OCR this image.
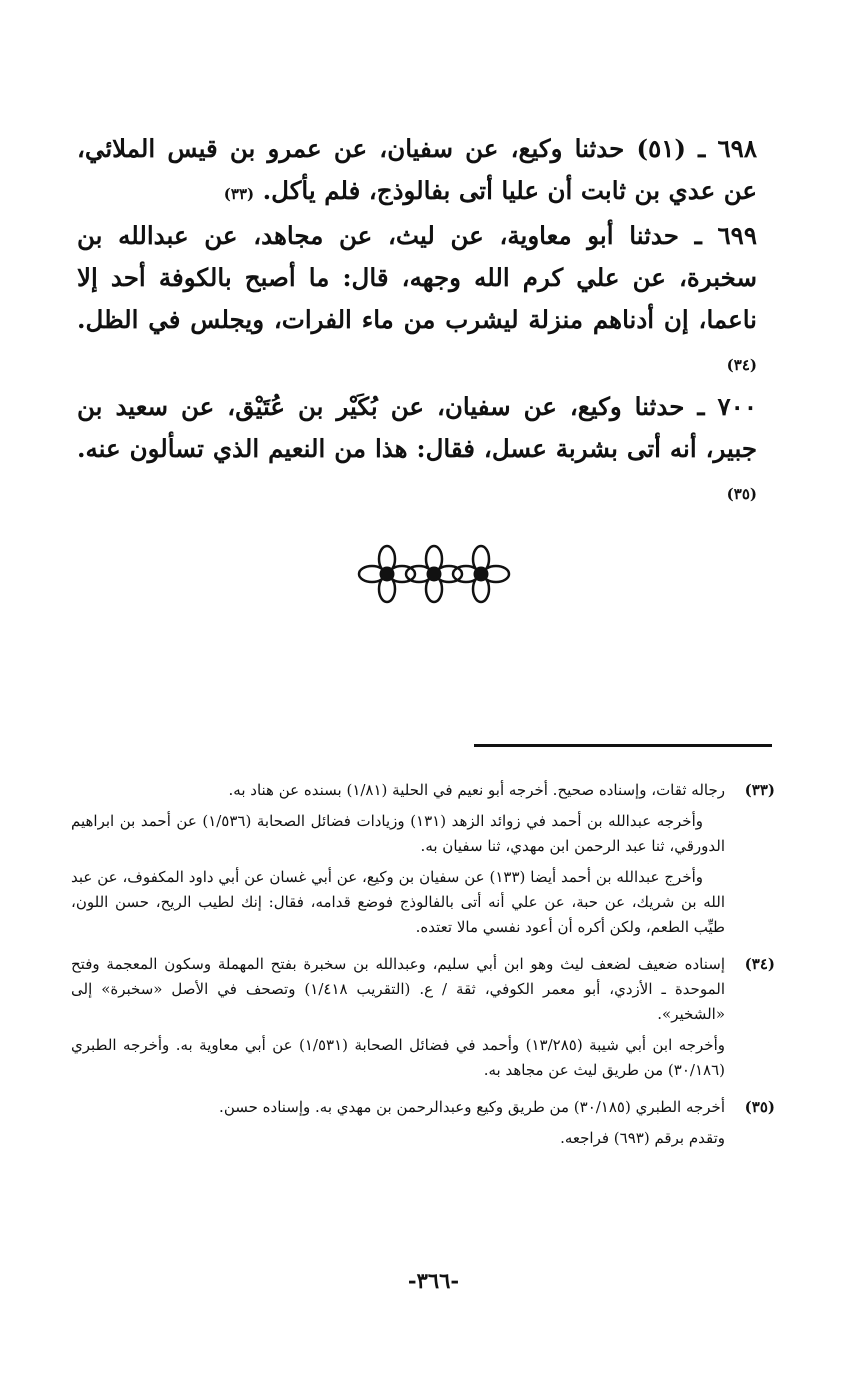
٦٩٨ ـ (٥١) حدثنا وكيع، عن سفيان، عن عمرو بن قيس الملائي، عن عدي بن ثابت أن عليا أتى بفالوذج، فلم يأكل. (٣٣)

٦٩٩ ـ حدثنا أبو معاوية، عن ليث، عن مجاهد، عن عبدالله بن سخبرة، عن علي كرم الله وجهه، قال: ما أصبح بالكوفة أحد إلا ناعما، إن أدناهم منزلة ليشرب من ماء الفرات، ويجلس في الظل. (٣٤)

٧٠٠ ـ حدثنا وكيع، عن سفيان، عن بُكَيْر بن عُتَيْق، عن سعيد بن جبير، أنه أتى بشربة عسل، فقال: هذا من النعيم الذي تسألون عنه. (٣٥)

(٣٣)

رجاله ثقات، وإسناده صحيح. أخرجه أبو نعيم في الحلية (١/٨١) بسنده عن هناد به.

وأخرجه عبدالله بن أحمد في زوائد الزهد (١٣١) وزيادات فضائل الصحابة (١/٥٣٦) عن أحمد بن ابراهيم الدورقي، ثنا عبد الرحمن ابن مهدي، ثنا سفيان به.

وأخرج عبدالله بن أحمد أيضا (١٣٣) عن سفيان بن وكيع، عن أبي غسان عن أبي داود المكفوف، عن عبد الله بن شريك، عن حبة، عن علي أنه أتى بالفالوذج فوضع قدامه، فقال: إنك لطيب الريح، حسن اللون، طيِّب الطعم، ولكن أكره أن أعود نفسي مالا تعتده.

(٣٤)

إسناده ضعيف لضعف ليث وهو ابن أبي سليم، وعبدالله بن سخبرة بفتح المهملة وسكون المعجمة وفتح الموحدة ـ الأزدي، أبو معمر الكوفي، ثقة / ع. (التقريب ١/٤١٨) وتصحف في الأصل «سخبرة» إلى «الشخير».

وأخرجه ابن أبي شيبة (١٣/٢٨٥) وأحمد في فضائل الصحابة (١/٥٣١) عن أبي معاوية به. وأخرجه الطبري (٣٠/١٨٦) من طريق ليث عن مجاهد به.

(٣٥)

أخرجه الطبري (٣٠/١٨٥) من طريق وكيع وعبدالرحمن بن مهدي به. وإسناده حسن.

وتقدم برقم (٦٩٣) فراجعه.

-٣٦٦-
